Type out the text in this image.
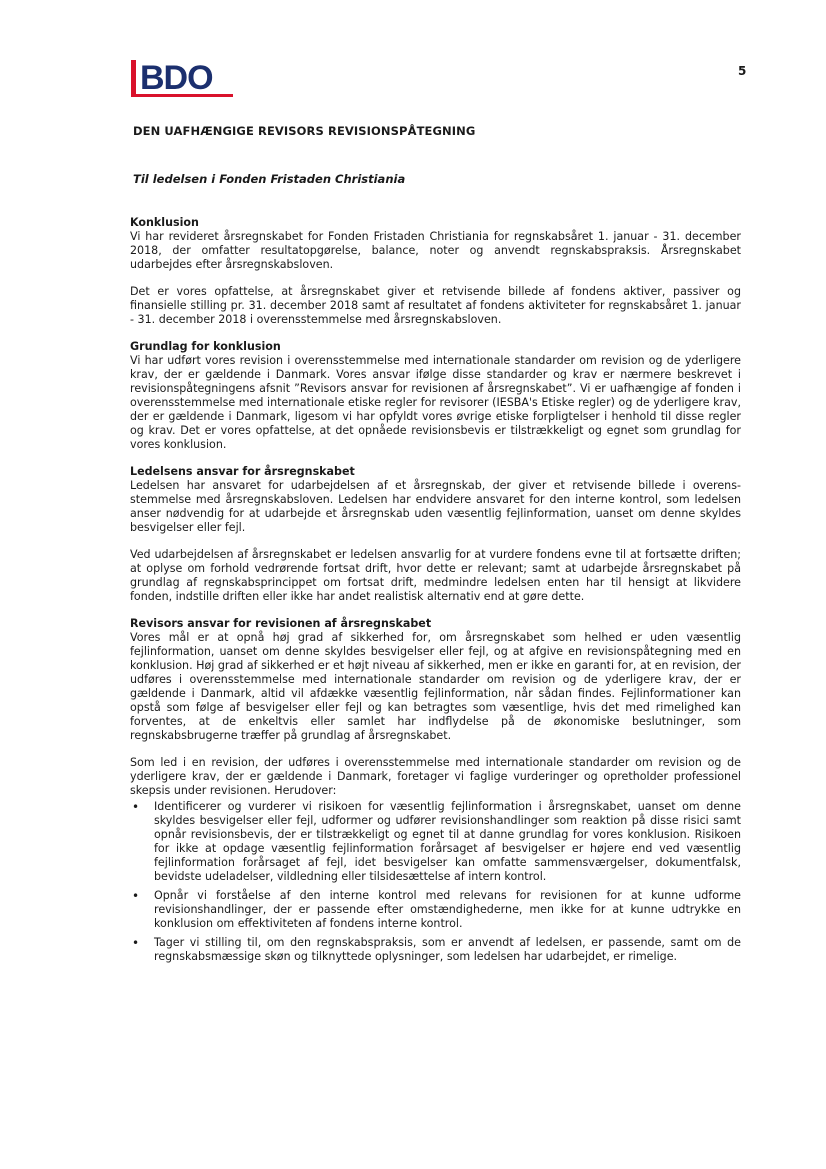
BDO	5
DEN UAFHÆNGIGE REVISORS REVISIONSPÅTEGNING
Til ledelsen i Fonden Fristaden Christiania
Konklusion

Vi har revideret årsregnskabet for Fonden Fristaden Christiania for regnskabsåret 1. januar - 31. december 2018, der omfatter resultatopgørelse, balance, noter og anvendt regnskabspraksis. Årsregnskabet udarbejdes efter årsregnskabsloven.

Det er vores opfattelse, at årsregnskabet giver et retvisende billede af fondens aktiver, passiver og finansielle stilling pr. 31. december 2018 samt af resultatet af fondens aktiviteter for regnskabsåret 1. januar - 31. december 2018 i overensstemmelse med årsregnskabsloven.

Grundlag for konklusion

Vi har udført vores revision i overensstemmelse med internationale standarder om revision og de yderligere krav, der er gældende i Danmark. Vores ansvar ifølge disse standarder og krav er nærmere beskrevet i revisionspåtegningens afsnit ”Revisors ansvar for revisionen af årsregnskabet”. Vi er uafhængige af fonden i overensstemmelse med internationale etiske regler for revisorer (IESBA's Etiske regler) og de yderligere krav, der er gældende i Danmark, ligesom vi har opfyldt vores øvrige etiske forpligtelser i henhold til disse regler og krav. Det er vores opfattelse, at det opnåede revisionsbevis er tilstrækkeligt og egnet som grundlag for vores konklusion.

Ledelsens ansvar for årsregnskabet

Ledelsen har ansvaret for udarbejdelsen af et årsregnskab, der giver et retvisende billede i overensstemmelse med årsregnskabsloven. Ledelsen har endvidere ansvaret for den interne kontrol, som ledelsen anser nødvendig for at udarbejde et årsregnskab uden væsentlig fejlinformation, uanset om denne skyldes besvigelser eller fejl.

Ved udarbejdelsen af årsregnskabet er ledelsen ansvarlig for at vurdere fondens evne til at fortsætte driften; at oplyse om forhold vedrørende fortsat drift, hvor dette er relevant; samt at udarbejde årsregnskabet på grundlag af regnskabsprincippet om fortsat drift, medmindre ledelsen enten har til hensigt at likvidere fonden, indstille driften eller ikke har andet realistisk alternativ end at gøre dette.

Revisors ansvar for revisionen af årsregnskabet

Vores mål er at opnå høj grad af sikkerhed for, om årsregnskabet som helhed er uden væsentlig fejlinformation, uanset om denne skyldes besvigelser eller fejl, og at afgive en revisionspåtegning med en konklusion. Høj grad af sikkerhed er et højt niveau af sikkerhed, men er ikke en garanti for, at en revision, der udføres i overensstemmelse med internationale standarder om revision og de yderligere krav, der er gældende i Danmark, altid vil afdække væsentlig fejlinformation, når sådan findes. Fejlinformationer kan opstå som følge af besvigelser eller fejl og kan betragtes som væsentlige, hvis det med rimelighed kan forventes, at de enkeltvis eller samlet har indflydelse på de økonomiske beslutninger, som regnskabsbrugerne træffer på grundlag af årsregnskabet.

Som led i en revision, der udføres i overensstemmelse med internationale standarder om revision og de yderligere krav, der er gældende i Danmark, foretager vi faglige vurderinger og opretholder professionel skepsis under revisionen. Herudover:

• Identificerer og vurderer vi risikoen for væsentlig fejlinformation i årsregnskabet, uanset om denne skyldes besvigelser eller fejl, udformer og udfører revisionshandlinger som reaktion på disse risici samt opnår revisionsbevis, der er tilstrækkeligt og egnet til at danne grundlag for vores konklusion. Risikoen for ikke at opdage væsentlig fejlinformation forårsaget af besvigelser er højere end ved væsentlig fejlinformation forårsaget af fejl, idet besvigelser kan omfatte sammensværgelser, dokumentfalsk, bevidste udeladelser, vildledning eller tilsidesættelse af intern kontrol.
• Opnår vi forståelse af den interne kontrol med relevans for revisionen for at kunne udforme revisionshandlinger, der er passende efter omstændighederne, men ikke for at kunne udtrykke en konklusion om effektiviteten af fondens interne kontrol.
• Tager vi stilling til, om den regnskabspraksis, som er anvendt af ledelsen, er passende, samt om de regnskabsmæssige skøn og tilknyttede oplysninger, som ledelsen har udarbejdet, er rimelige.
